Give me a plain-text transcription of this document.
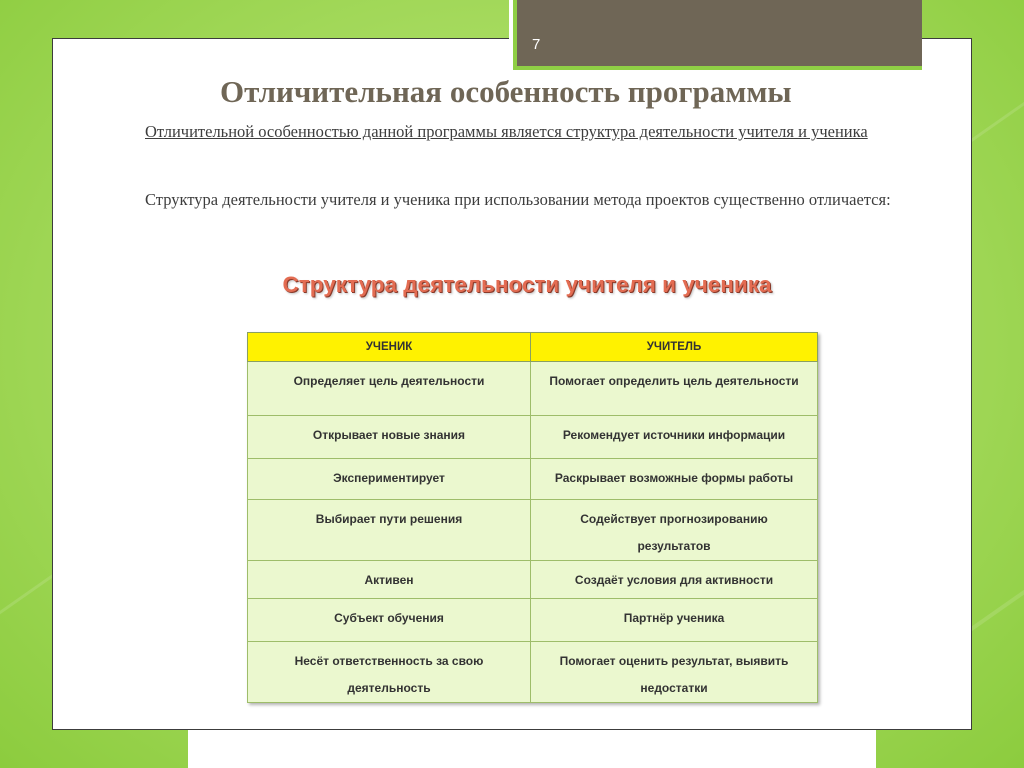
7
Отличительная особенность программы
Отличительной особенностью данной программы является структура деятельности учителя и ученика
Структура деятельности учителя и ученика при использовании метода проектов существенно отличается:
Структура деятельности учителя и ученика
УЧЕНИК	УЧИТЕЛЬ
Определяет цель деятельности	Помогает определить цель деятельности
Открывает новые знания	Рекомендует источники информации
Экспериментирует	Раскрывает возможные формы работы
Выбирает пути решения	Содействует прогнозированию результатов
Активен	Создаёт условия для активности
Субъект обучения	Партнёр ученика
Несёт ответственность за свою деятельность	Помогает оценить результат, выявить недостатки
